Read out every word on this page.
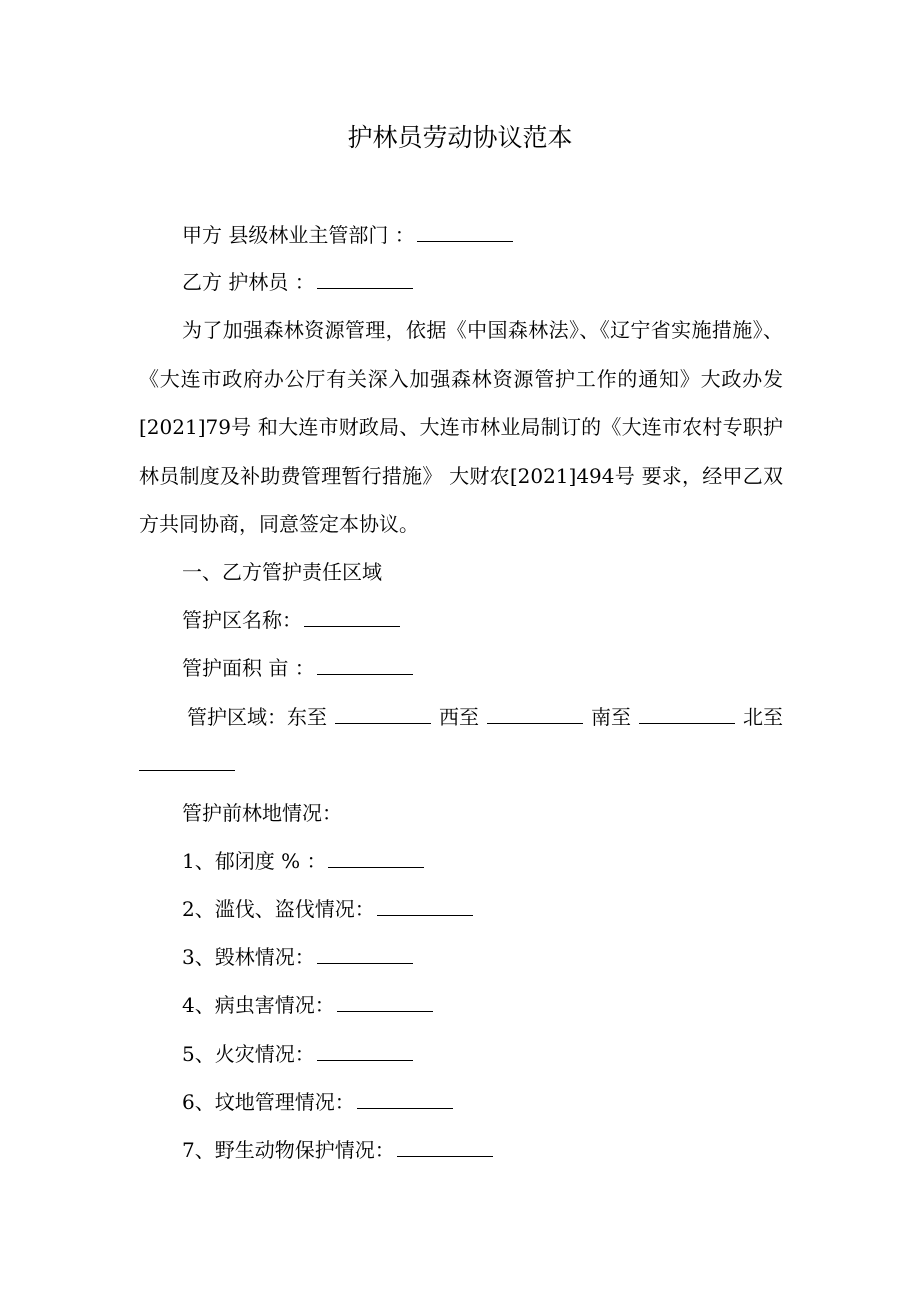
护林员劳动协议范本
甲方 县级林业主管部门 ：
乙方 护林员 ：
为了加强森林资源管理，依据《中国森林法》、《辽宁省实施措施》、《大连市政府办公厅有关深入加强森林资源管护工作的通知》大政办发[2021]79号 和大连市财政局、大连市林业局制订的《大连市农村专职护林员制度及补助费管理暂行措施》 大财农[2021]494号 要求，经甲乙双方共同协商，同意签定本协议。
一、乙方管护责任区域
管护区名称：
管护面积 亩 ：
管护区域：东至	西至	南至	北至
管护前林地情况：
1、郁闭度 % ：
2、滥伐、盗伐情况：
3、毁林情况：
4、病虫害情况：
5、火灾情况：
6、坟地管理情况：
7、野生动物保护情况：
